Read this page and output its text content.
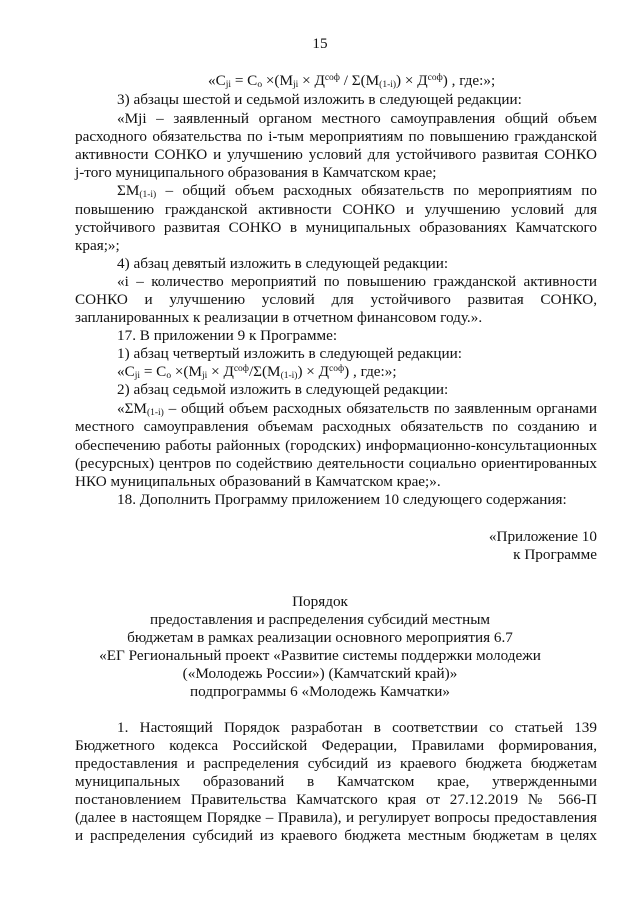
15
«$C_{ji} = C_o \times(M_{ji} \times Д^{соф} / \Sigma(M_{(1-i)}) \times Д^{соф})$ , где:»;
3) абзацы шестой и седьмой изложить в следующей редакции:
«Mji – заявленный органом местного самоуправления общий объем
расходного обязательства по i-тым мероприятиям по повышению гражданской
активности СОНКО и улучшению условий для устойчивого развитая СОНКО
j-того муниципального образования в Камчатском крае;
$\Sigma M_{(1-i)}$ – общий объем расходных обязательств по мероприятиям по
повышению гражданской активности СОНКО и улучшению условий для
устойчивого развитая СОНКО в муниципальных образованиях Камчатского
края;»;
4) абзац девятый изложить в следующей редакции:
«i – количество мероприятий по повышению гражданской активности
СОНКО и улучшению условий для устойчивого развитая СОНКО,
запланированных к реализации в отчетном финансовом году.».
17. В приложении 9 к Программе:
1) абзац четвертый изложить в следующей редакции:
«$C_{ji} = C_o \times(M_{ji} \times Д^{соф}/\Sigma(M_{(1-i)}) \times Д^{соф})$ , где:»;
2) абзац седьмой изложить в следующей редакции:
«$\Sigma M_{(1-i)}$ – общий объем расходных обязательств по заявленным органами
местного самоуправления объемам расходных обязательств по созданию и
обеспечению работы районных (городских) информационно-консультационных
(ресурсных) центров по содействию деятельности социально ориентированных
НКО муниципальных образований в Камчатском крае;».
18. Дополнить Программу приложением 10 следующего содержания:
«Приложение 10
к Программе
Порядок
предоставления и распределения субсидий местным
бюджетам в рамках реализации основного мероприятия 6.7
«ЕГ Региональный проект «Развитие системы поддержки молодежи
(«Молодежь России») (Камчатский край)»
подпрограммы 6 «Молодежь Камчатки»
1. Настоящий Порядок разработан в соответствии со статьей 139
Бюджетного кодекса Российской Федерации, Правилами формирования,
предоставления и распределения субсидий из краевого бюджета бюджетам
муниципальных образований в Камчатском крае, утвержденными
постановлением Правительства Камчатского края от 27.12.2019 № 566-П
(далее в настоящем Порядке – Правила), и регулирует вопросы предоставления
и распределения субсидий из краевого бюджета местным бюджетам в целях
